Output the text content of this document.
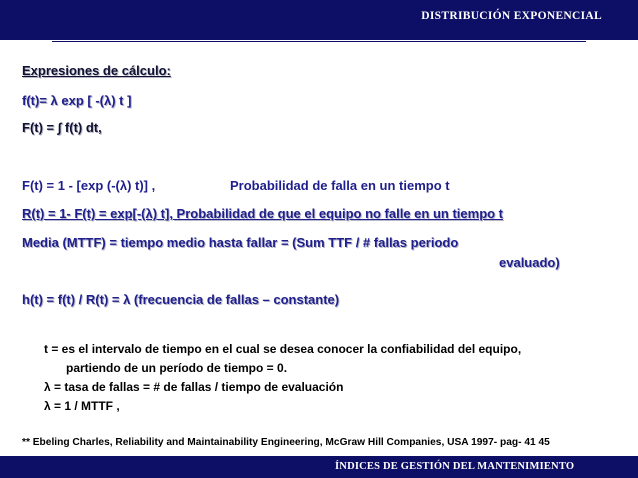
DISTRIBUCIÓN EXPONENCIAL
Expresiones de cálculo:
f(t)= λ exp [ -(λ) t ]
F(t) = ∫ f(t) dt,
F(t) = 1 - [exp (-(λ) t)] ,	Probabilidad de falla en un tiempo t
R(t) = 1- F(t) = exp[-(λ) t], Probabilidad de que el equipo no falle en un tiempo t
Media (MTTF) = tiempo medio hasta fallar = (Sum TTF / # fallas periodo
evaluado)
h(t) = f(t) / R(t) = λ (frecuencia de fallas – constante)
t = es el intervalo de tiempo en el cual se desea conocer la confiabilidad del equipo,
partiendo de un período de tiempo = 0.
λ = tasa de fallas = # de fallas / tiempo de evaluación
λ = 1 / MTTF ,
** Ebeling Charles, Reliability and Maintainability Engineering, McGraw Hill Companies, USA 1997- pag- 41 45
ÍNDICES DE GESTIÓN DEL MANTENIMIENTO
